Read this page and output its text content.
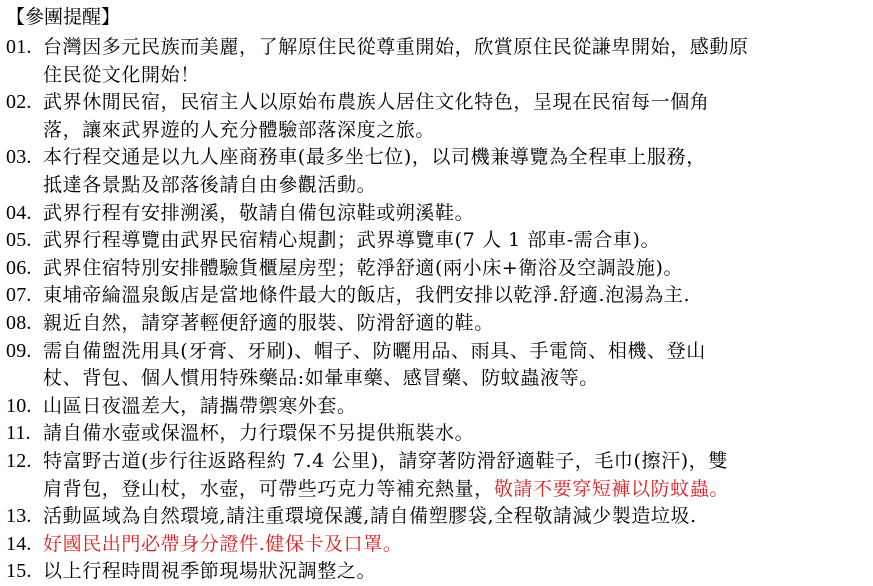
【參團提醒】
01. 台灣因多元民族而美麗，了解原住民從尊重開始，欣賞原住民從謙卑開始，感動原
住民從文化開始！
02. 武界休閒民宿，民宿主人以原始布農族人居住文化特色，呈現在民宿每一個角
落，讓來武界遊的人充分體驗部落深度之旅。
03. 本行程交通是以九人座商務車(最多坐七位)，以司機兼導覽為全程車上服務，
抵達各景點及部落後請自由參觀活動。
04. 武界行程有安排溯溪，敬請自備包涼鞋或朔溪鞋。
05. 武界行程導覽由武界民宿精心規劃；武界導覽車(7 人 1 部車-需合車)。
06. 武界住宿特別安排體驗貨櫃屋房型；乾淨舒適(兩小床+衛浴及空調設施)。
07. 東埔帝綸溫泉飯店是當地條件最大的飯店，我們安排以乾淨.舒適.泡湯為主.
08. 親近自然，請穿著輕便舒適的服裝、防滑舒適的鞋。
09. 需自備盥洗用具(牙膏、牙刷)、帽子、防曬用品、雨具、手電筒、相機、登山
杖、背包、個人慣用特殊藥品:如暈車藥、感冒藥、防蚊蟲液等。
10. 山區日夜溫差大，請攜帶禦寒外套。
11. 請自備水壺或保溫杯，力行環保不另提供瓶裝水。
12. 特富野古道(步行往返路程約 7.4 公里)，請穿著防滑舒適鞋子，毛巾(擦汗)，雙
肩背包，登山杖，水壺，可帶些巧克力等補充熱量，敬請不要穿短褲以防蚊蟲。
13. 活動區域為自然環境,請注重環境保護,請自備塑膠袋,全程敬請減少製造垃圾.
14. 好國民出門必帶身分證件.健保卡及口罩。
15. 以上行程時間視季節現場狀況調整之。
